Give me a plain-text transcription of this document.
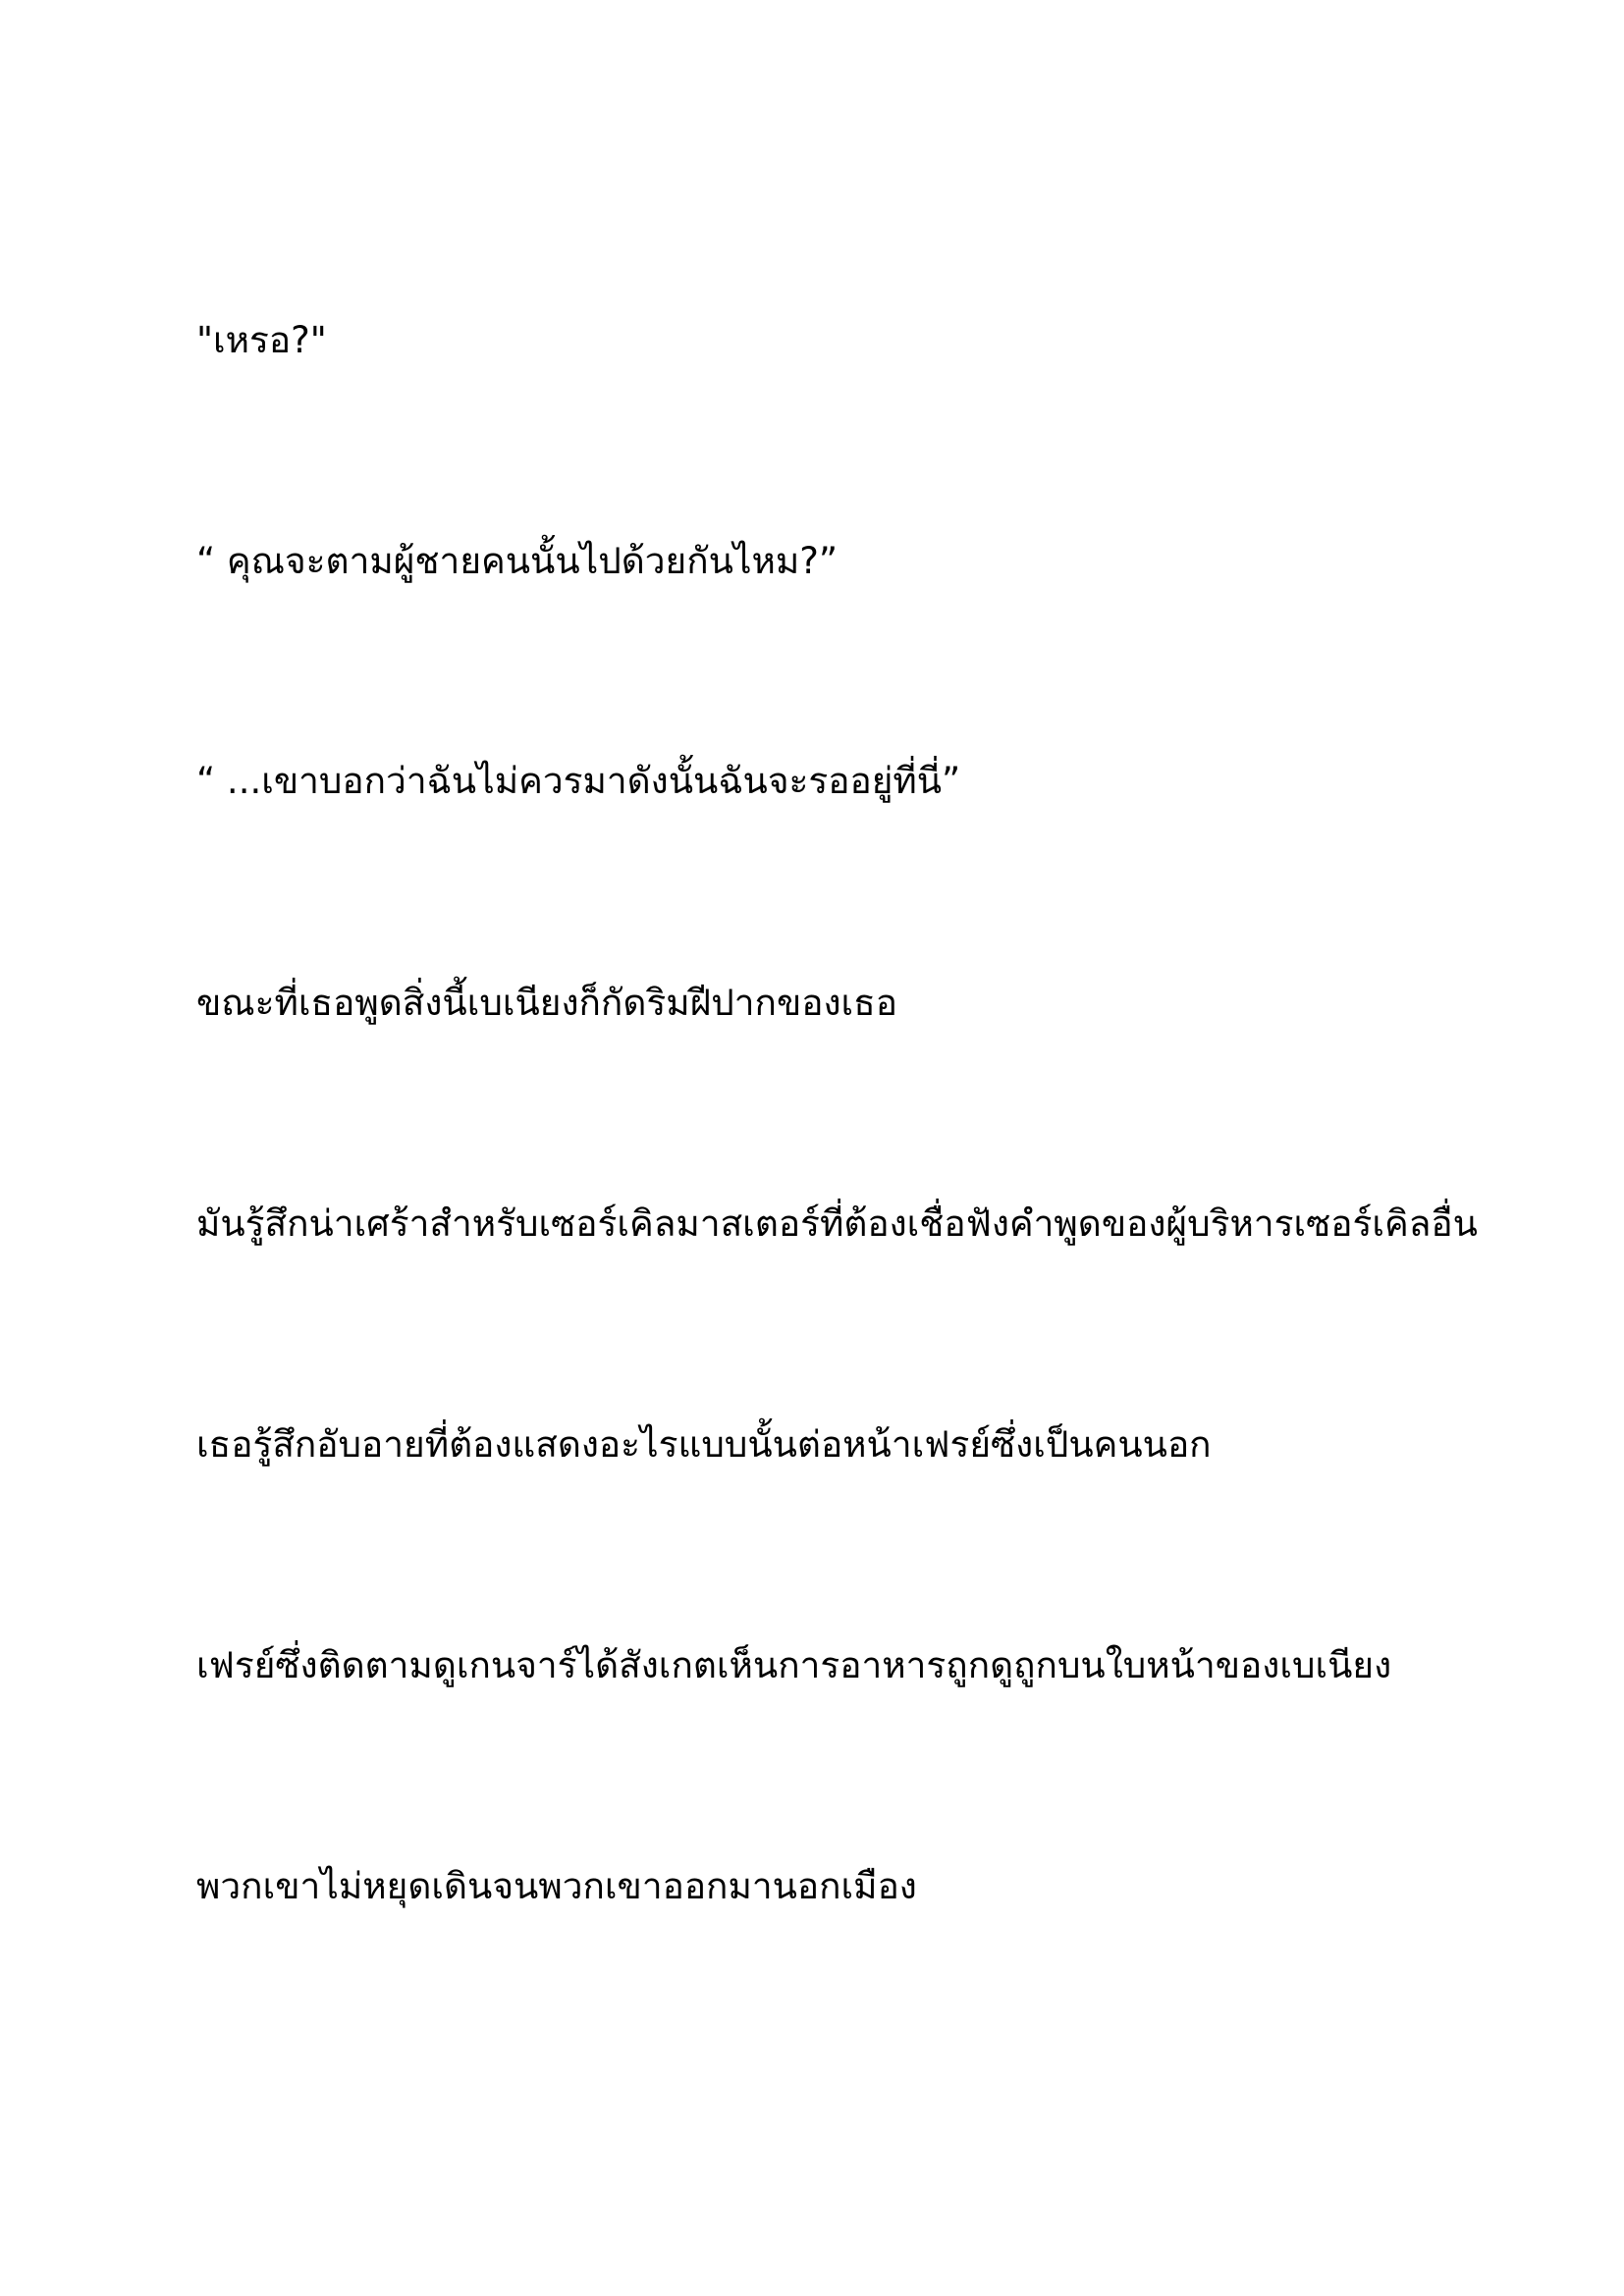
"เหรอ?"

“ คุณจะตามผู้ชายคนนั้นไปด้วยกันไหม?”

“ ...เขาบอกว่าฉันไม่ควรมาดังนั้นฉันจะรออยู่ที่นี่”

ขณะที่เธอพูดสิ่งนี้เบเนียงก็กัดริมฝีปากของเธอ

มันรู้สึกน่าเศร้าสำหรับเซอร์เคิลมาสเตอร์ที่ต้องเชื่อฟังคำพูดของผู้บริหารเซอร์เคิลอื่น

เธอรู้สึกอับอายที่ต้องแสดงอะไรแบบนั้นต่อหน้าเฟรย์ซึ่งเป็นคนนอก

เฟรย์ซึ่งติดตามดูเกนจาร์ได้สังเกตเห็นการอาหารถูกดูถูกบนใบหน้าของเบเนียง

พวกเขาไม่หยุดเดินจนพวกเขาออกมานอกเมือง
